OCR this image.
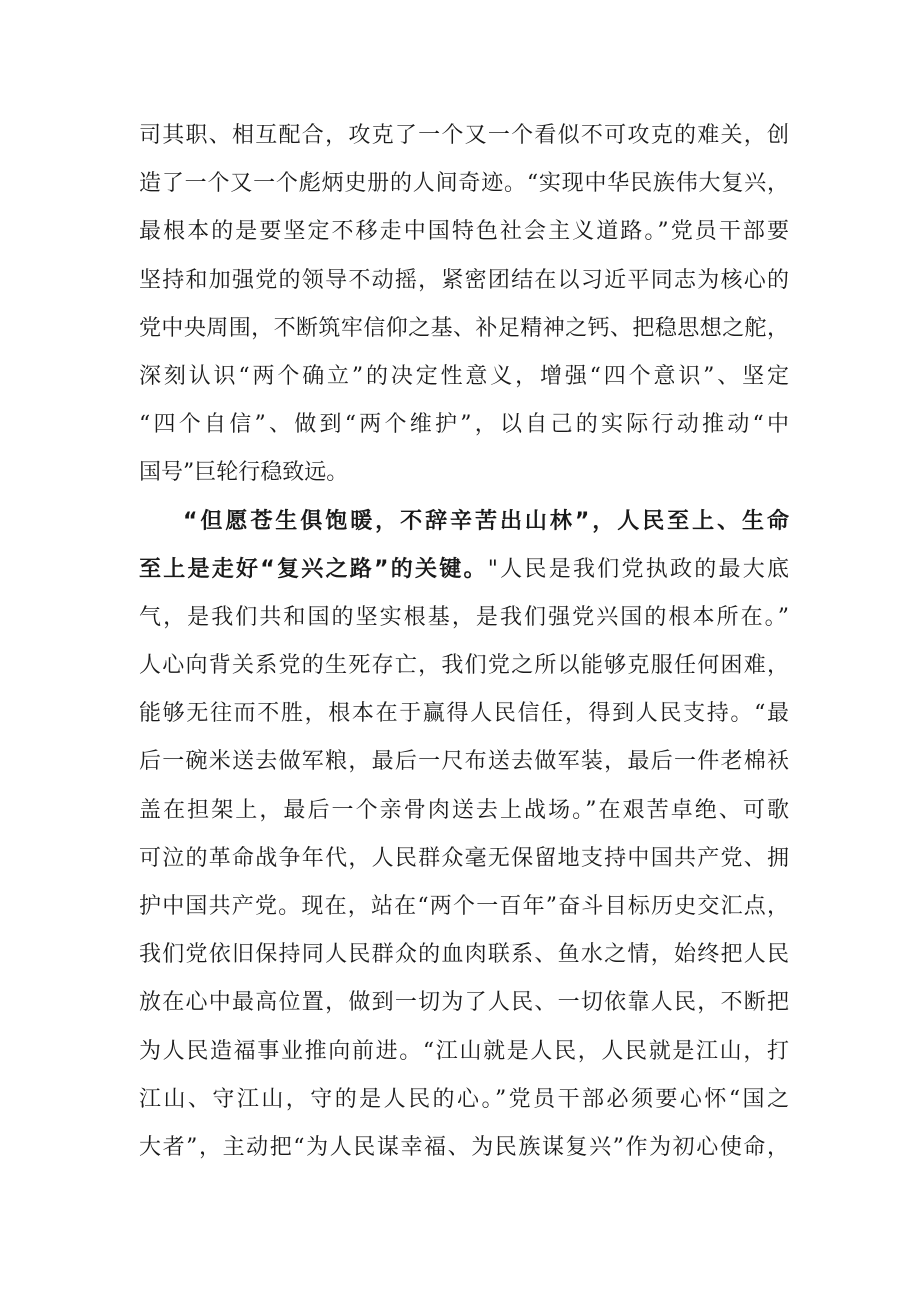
司其职、相互配合，攻克了一个又一个看似不可攻克的难关，创
造了一个又一个彪炳史册的人间奇迹。“实现中华民族伟大复兴，
最根本的是要坚定不移走中国特色社会主义道路。”党员干部要
坚持和加强党的领导不动摇，紧密团结在以习近平同志为核心的
党中央周围，不断筑牢信仰之基、补足精神之钙、把稳思想之舵，
深刻认识“两个确立”的决定性意义，增强“四个意识”、坚定
“四个自信”、做到“两个维护”，以自己的实际行动推动“中
国号”巨轮行稳致远。
“但愿苍生俱饱暖，不辞辛苦出山林”，人民至上、生命
至上是走好“复兴之路”的关键。"人民是我们党执政的最大底
气，是我们共和国的坚实根基，是我们强党兴国的根本所在。”
人心向背关系党的生死存亡，我们党之所以能够克服任何困难，
能够无往而不胜，根本在于赢得人民信任，得到人民支持。“最
后一碗米送去做军粮，最后一尺布送去做军装，最后一件老棉袄
盖在担架上，最后一个亲骨肉送去上战场。”在艰苦卓绝、可歌
可泣的革命战争年代，人民群众毫无保留地支持中国共产党、拥
护中国共产党。现在，站在“两个一百年”奋斗目标历史交汇点，
我们党依旧保持同人民群众的血肉联系、鱼水之情，始终把人民
放在心中最高位置，做到一切为了人民、一切依靠人民，不断把
为人民造福事业推向前进。“江山就是人民，人民就是江山，打
江山、守江山，守的是人民的心。”党员干部必须要心怀“国之
大者”，主动把“为人民谋幸福、为民族谋复兴”作为初心使命，
